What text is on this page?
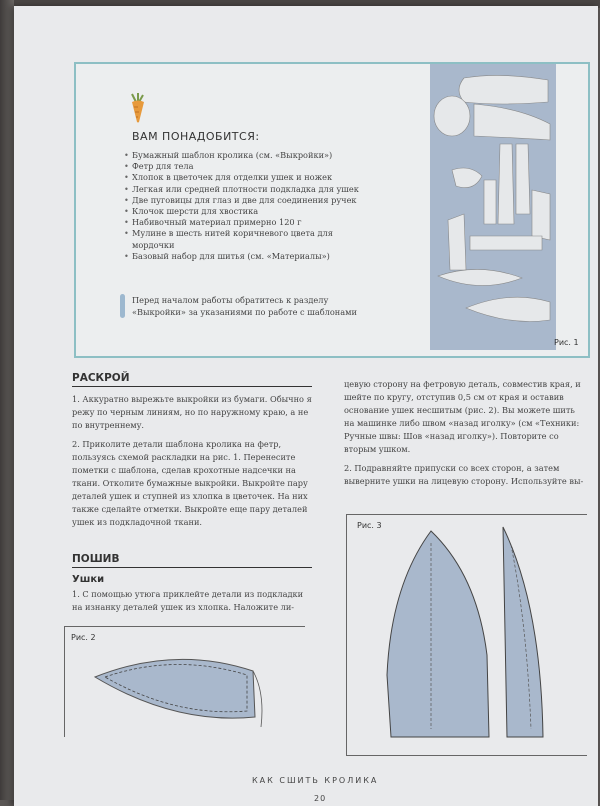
ВАМ ПОНАДОБИТСЯ:
• Бумажный шаблон кролика (см. «Выкройки»)
• Фетр для тела
• Хлопок в цветочек для отделки ушек и ножек
• Легкая или средней плотности подкладка для ушек
• Две пуговицы для глаз и две для соединения ручек
• Клочок шерсти для хвостика
• Набивочный материал примерно 120 г
• Мулине в шесть нитей коричневого цвета для мордочки
• Базовый набор для шитья (см. «Материалы»)
Перед началом работы обратитесь к разделу «Выкройки» за указаниями по работе с шаблонами
Рис. 1
РАСКРОЙ

1. Аккуратно вырежьте выкройки из бумаги. Обычно я режу по черным линиям, но по наружному краю, а не по внутреннему.

2. Приколите детали шаблона кролика на фетр, пользуясь схемой раскладки на рис. 1. Перенесите пометки с шаблона, сделав крохотные надсечки на ткани. Отколите бумажные выкройки. Выкройте пару деталей ушек и ступней из хлопка в цветочек. На них также сделайте отметки. Выкройте еще пару деталей ушек из подкладочной ткани.

ПОШИВ
Ушки

1. С помощью утюга приклейте детали из подкладки на изнанку деталей ушек из хлопка. Наложите ли-

цевую сторону на фетровую деталь, совместив края, и шейте по кругу, отступив 0,5 см от края и оставив основание ушек несшитым (рис. 2). Вы можете шить на машинке либо швом «назад иголку» (см «Техники: Ручные швы: Шов «назад иголку»). Повторите со вторым ушком.

2. Подравняйте припуски со всех сторон, а затем выверните ушки на лицевую сторону. Используйте вы-

Рис. 2
Рис. 3
КАК СШИТЬ КРОЛИКА
20
